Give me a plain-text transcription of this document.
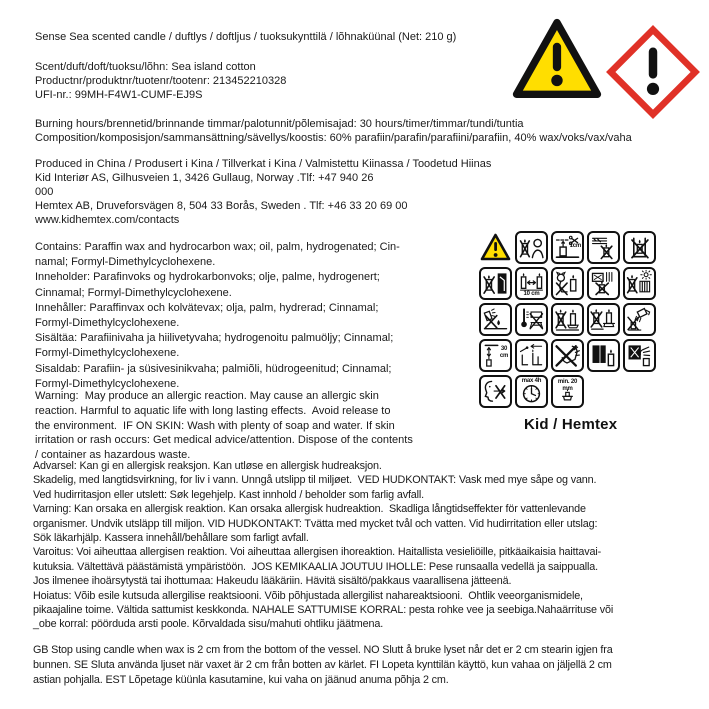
Sense Sea scented candle / duftlys / doftljus / tuoksukynttilä / lõhnaküünal (Net: 210 g)
Scent/duft/doft/tuoksu/lõhn: Sea island cotton
Productnr/produktnr/tuotenr/tootenr: 213452210328
UFI-nr.: 99MH-F4W1-CUMF-EJ9S
Burning hours/brennetid/brinnande timmar/palotunnit/põlemisajad: 30 hours/timer/timmar/tundi/tuntia
Composition/komposisjon/sammansättning/sävellys/koostis: 60% parafiin/parafin/parafiini/parafiin, 40% wax/voks/vax/vaha
Produced in China / Produsert i Kina / Tillverkat i Kina / Valmistettu Kiinassa / Toodetud Hiinas
Kid Interiør AS, Gilhusveien 1, 3426 Gullaug, Norway .Tlf: +47 940 26
000
Hemtex AB, Druveforsvägen 8, 504 33 Borås, Sweden . Tlf: +46 33 20 69 00
www.kidhemtex.com/contacts
Contains: Paraffin wax and hydrocarbon wax; oil, palm, hydrogenated; Cin-
namal; Formyl-Dimethylcyclohexene.
Inneholder: Parafinvoks og hydrokarbonvoks; olje, palme, hydrogenert;
Cinnamal; Formyl-Dimethylcyclohexene.
Innehåller: Paraffinvax och kolvätevax; olja, palm, hydrerad; Cinnamal;
Formyl-Dimethylcyclohexene.
Sisältäa: Parafiinivaha ja hiilivetyvaha; hydrogenoitu palmuöljy; Cinnamal;
Formyl-Dimethylcyclohexene.
Sisaldab: Parafiin- ja süsivesinikvaha; palmiõli, hüdrogeenitud; Cinnamal;
Formyl-Dimethylcyclohexene.
Warning:  May produce an allergic reaction. May cause an allergic skin
reaction. Harmful to aquatic life with long lasting effects.  Avoid release to
the environment.  IF ON SKIN: Wash with plenty of soap and water. If skin
irritation or rash occurs: Get medical advice/attention. Dispose of the contents
/ container as hazardous waste.
1cm
10 cm
30 cm
max 4h	min. 20 mm
Kid / Hemtex
Advarsel: Kan gi en allergisk reaksjon. Kan utløse en allergisk hudreaksjon.
Skadelig, med langtidsvirkning, for liv i vann. Unngå utslipp til miljøet.  VED HUDKONTAKT: Vask med mye såpe og vann.
Ved hudirritasjon eller utslett: Søk legehjelp. Kast innhold / beholder som farlig avfall.
Varning: Kan orsaka en allergisk reaktion. Kan orsaka allergisk hudreaktion.  Skadliga långtidseffekter för vattenlevande
organismer. Undvik utsläpp till miljon. VID HUDKONTAKT: Tvätta med mycket tvål och vatten. Vid hudirritation eller utslag:
Sök läkarhjälp. Kassera innehåll/behållare som farligt avfall.
Varoitus: Voi aiheuttaa allergisen reaktion. Voi aiheuttaa allergisen ihoreaktion. Haitallista vesieliöille, pitkäaikaisia haittavai-
kutuksia. Vältettävä päästämistä ympäristöön.  JOS KEMIKAALIA JOUTUU IHOLLE: Pese runsaalla vedellä ja saippualla.
Jos ilmenee ihoärsytystä tai ihottumaa: Hakeudu lääkäriin. Hävitä sisältö/pakkaus vaarallisena jätteenä.
Hoiatus: Võib esile kutsuda allergilise reaktsiooni. Võib põhjustada allergilist nahareaktsiooni.  Ohtlik veeorganismidele,
pikaajaline toime. Vältida sattumist keskkonda. NAHALE SATTUMISE KORRAL: pesta rohke vee ja seebiga.Nahaärrituse või
_obe korral: pöörduda arsti poole. Kõrvaldada sisu/mahuti ohtliku jäätmena.
GB Stop using candle when wax is 2 cm from the bottom of the vessel. NO Slutt å bruke lyset når det er 2 cm stearin igjen fra
bunnen. SE Sluta använda ljuset när vaxet är 2 cm från botten av kärlet. FI Lopeta kynttilän käyttö, kun vahaa on jäljellä 2 cm
astian pohjalla. EST Lõpetage küünla kasutamine, kui vaha on jäänud anuma põhja 2 cm.
